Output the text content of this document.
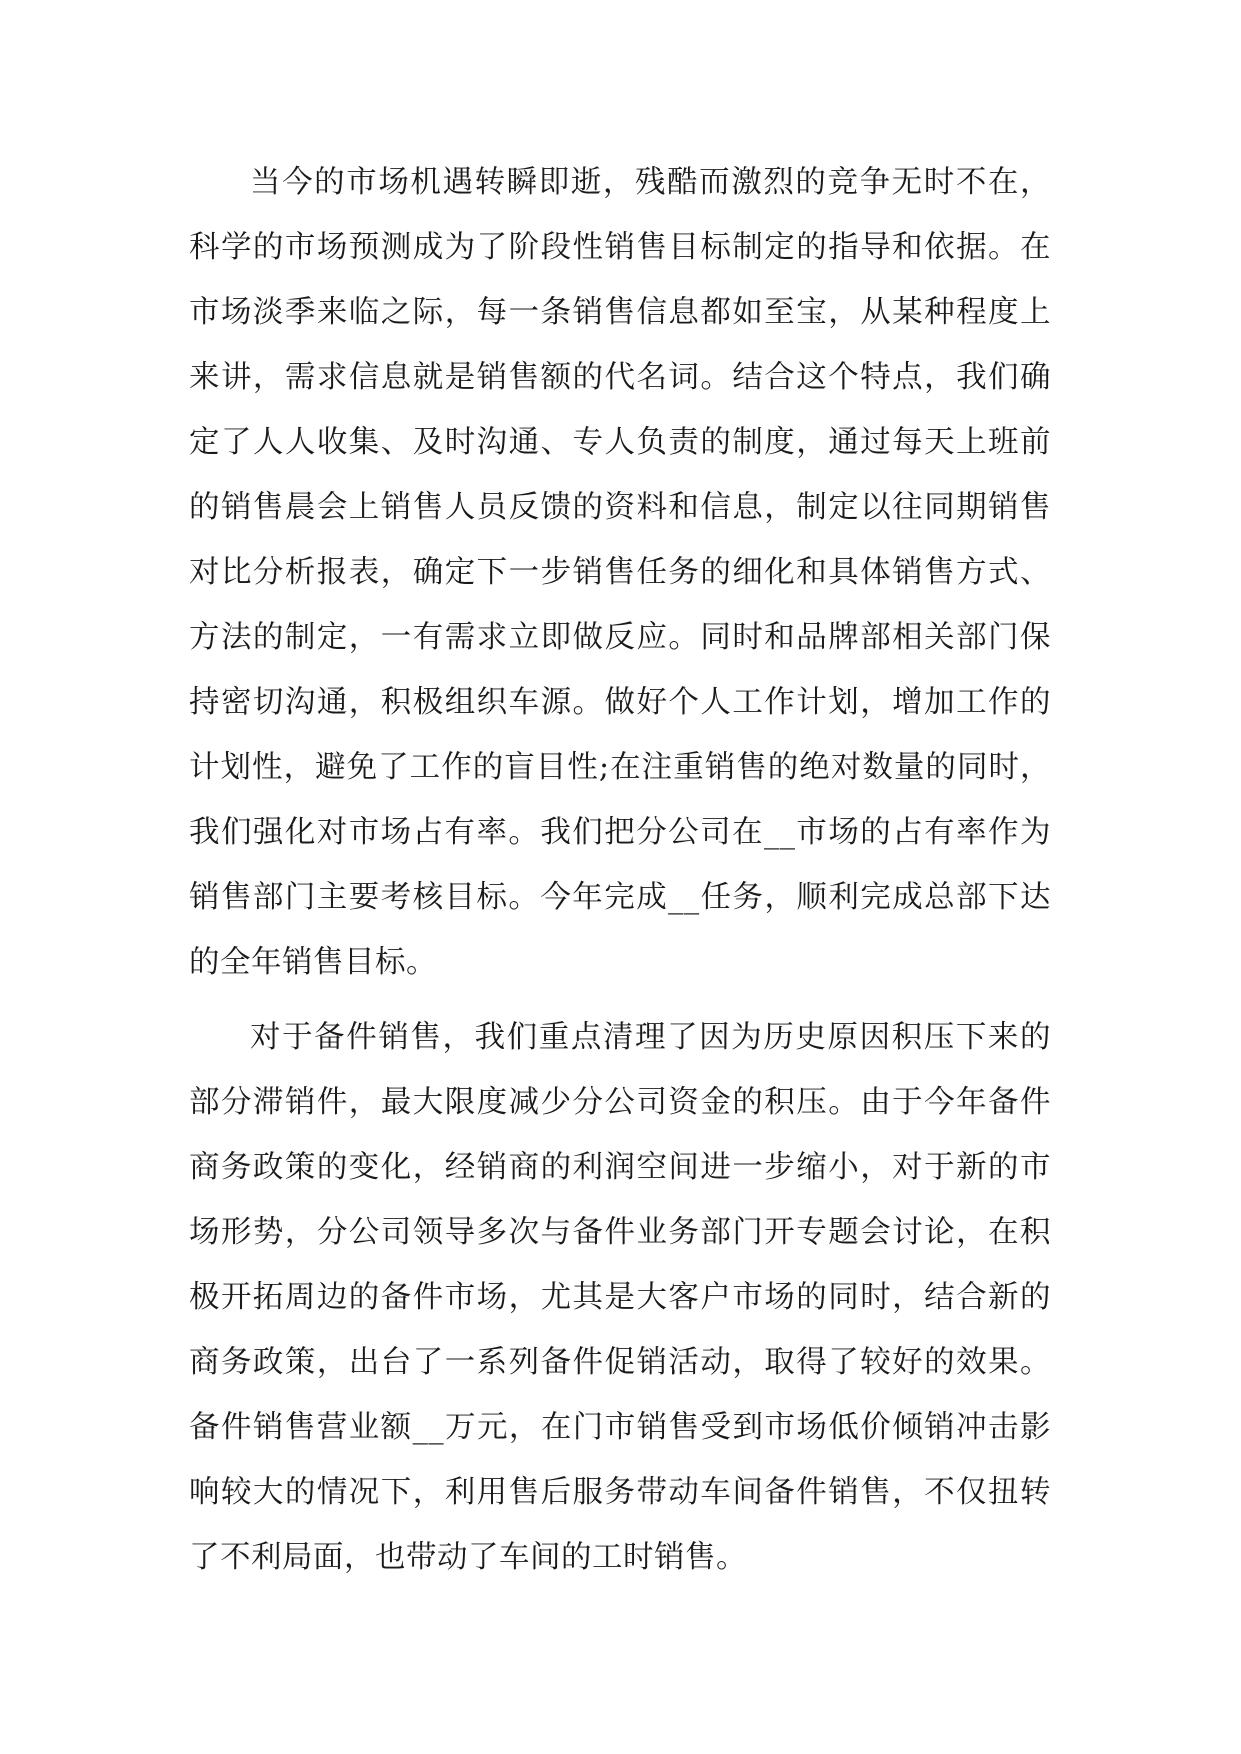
当今的市场机遇转瞬即逝，残酷而激烈的竞争无时不在，科学的市场预测成为了阶段性销售目标制定的指导和依据。在市场淡季来临之际，每一条销售信息都如至宝，从某种程度上来讲，需求信息就是销售额的代名词。结合这个特点，我们确定了人人收集、及时沟通、专人负责的制度，通过每天上班前的销售晨会上销售人员反馈的资料和信息，制定以往同期销售对比分析报表，确定下一步销售任务的细化和具体销售方式、方法的制定，一有需求立即做反应。同时和品牌部相关部门保持密切沟通，积极组织车源。做好个人工作计划，增加工作的计划性，避免了工作的盲目性;在注重销售的绝对数量的同时，我们强化对市场占有率。我们把分公司在__市场的占有率作为销售部门主要考核目标。今年完成__任务，顺利完成总部下达的全年销售目标。

对于备件销售，我们重点清理了因为历史原因积压下来的部分滞销件，最大限度减少分公司资金的积压。由于今年备件商务政策的变化，经销商的利润空间进一步缩小，对于新的市场形势，分公司领导多次与备件业务部门开专题会讨论，在积极开拓周边的备件市场，尤其是大客户市场的同时，结合新的商务政策，出台了一系列备件促销活动，取得了较好的效果。备件销售营业额__万元，在门市销售受到市场低价倾销冲击影响较大的情况下，利用售后服务带动车间备件销售，不仅扭转了不利局面，也带动了车间的工时销售。
